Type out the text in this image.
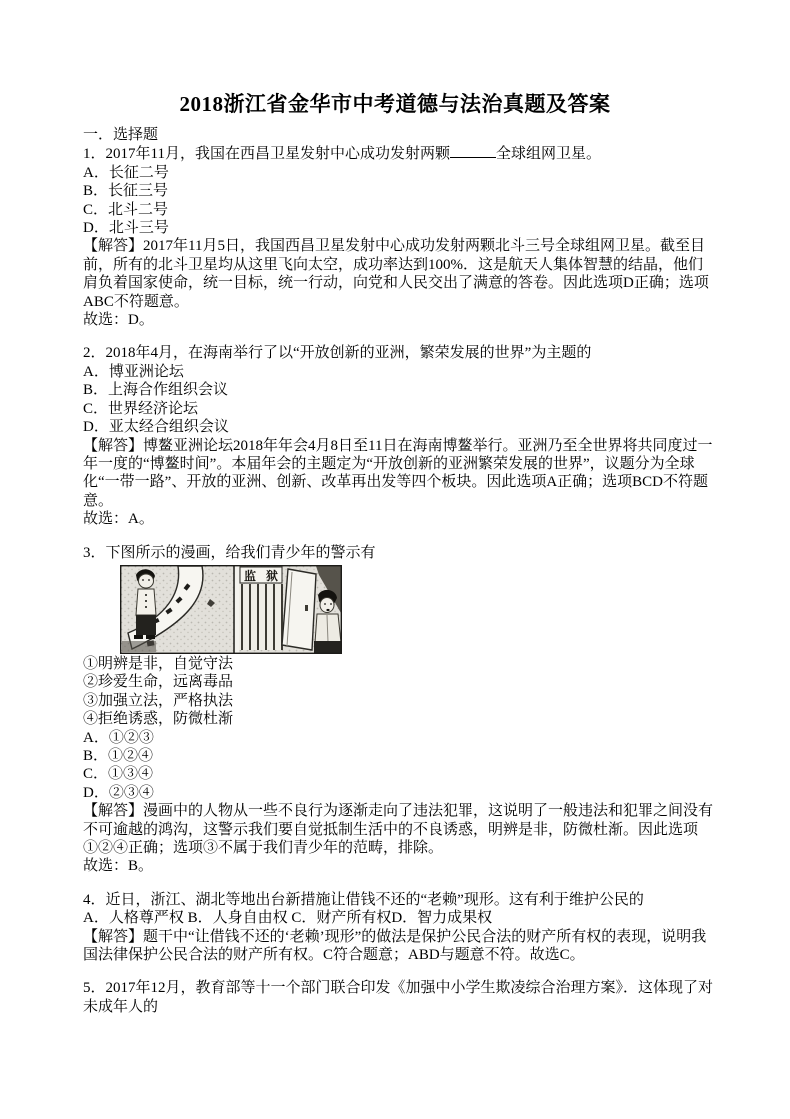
2018浙江省金华市中考道德与法治真题及答案
一．选择题
1．2017年11月，我国在西昌卫星发射中心成功发射两颗	全球组网卫星。
A．长征二号
B．长征三号
C．北斗二号
D．北斗三号
【解答】2017年11月5日，我国西昌卫星发射中心成功发射两颗北斗三号全球组网卫星。截至目前，所有的北斗卫星均从这里飞向太空，成功率达到100%．这是航天人集体智慧的结晶，他们肩负着国家使命，统一目标，统一行动，向党和人民交出了满意的答卷。因此选项D正确；选项ABC不符题意。
故选：D。
2．2018年4月，在海南举行了以“开放创新的亚洲，繁荣发展的世界”为主题的
A．博亚洲论坛
B．上海合作组织会议
C．世界经济论坛
D．亚太经合组织会议
【解答】博鳌亚洲论坛2018年年会4月8日至11日在海南博鳌举行。亚洲乃至全世界将共同度过一年一度的“博鳌时间”。本届年会的主题定为“开放创新的亚洲繁荣发展的世界”，议题分为全球化“一带一路”、开放的亚洲、创新、改革再出发等四个板块。因此选项A正确；选项BCD不符题意。
故选：A。
3．下图所示的漫画，给我们青少年的警示有
监 狱
①明辨是非，自觉守法
②珍爱生命，远离毒品
③加强立法，严格执法
④拒绝诱惑，防微杜渐
A．①②③
B．①②④
C．①③④
D．②③④
【解答】漫画中的人物从一些不良行为逐渐走向了违法犯罪，这说明了一般违法和犯罪之间没有不可逾越的鸿沟，这警示我们要自觉抵制生活中的不良诱惑，明辨是非，防微杜渐。因此选项①②④正确；选项③不属于我们青少年的范畴，排除。
故选：B。
4．近日，浙江、湖北等地出台新措施让借钱不还的“老赖”现形。这有利于维护公民的
A．人格尊严权 B．人身自由权 C．财产所有权D．智力成果权
【解答】题干中“让借钱不还的‘老赖’现形”的做法是保护公民合法的财产所有权的表现，说明我国法律保护公民合法的财产所有权。C符合题意；ABD与题意不符。故选C。
5．2017年12月，教育部等十一个部门联合印发《加强中小学生欺凌综合治理方案》．这体现了对未成年人的
